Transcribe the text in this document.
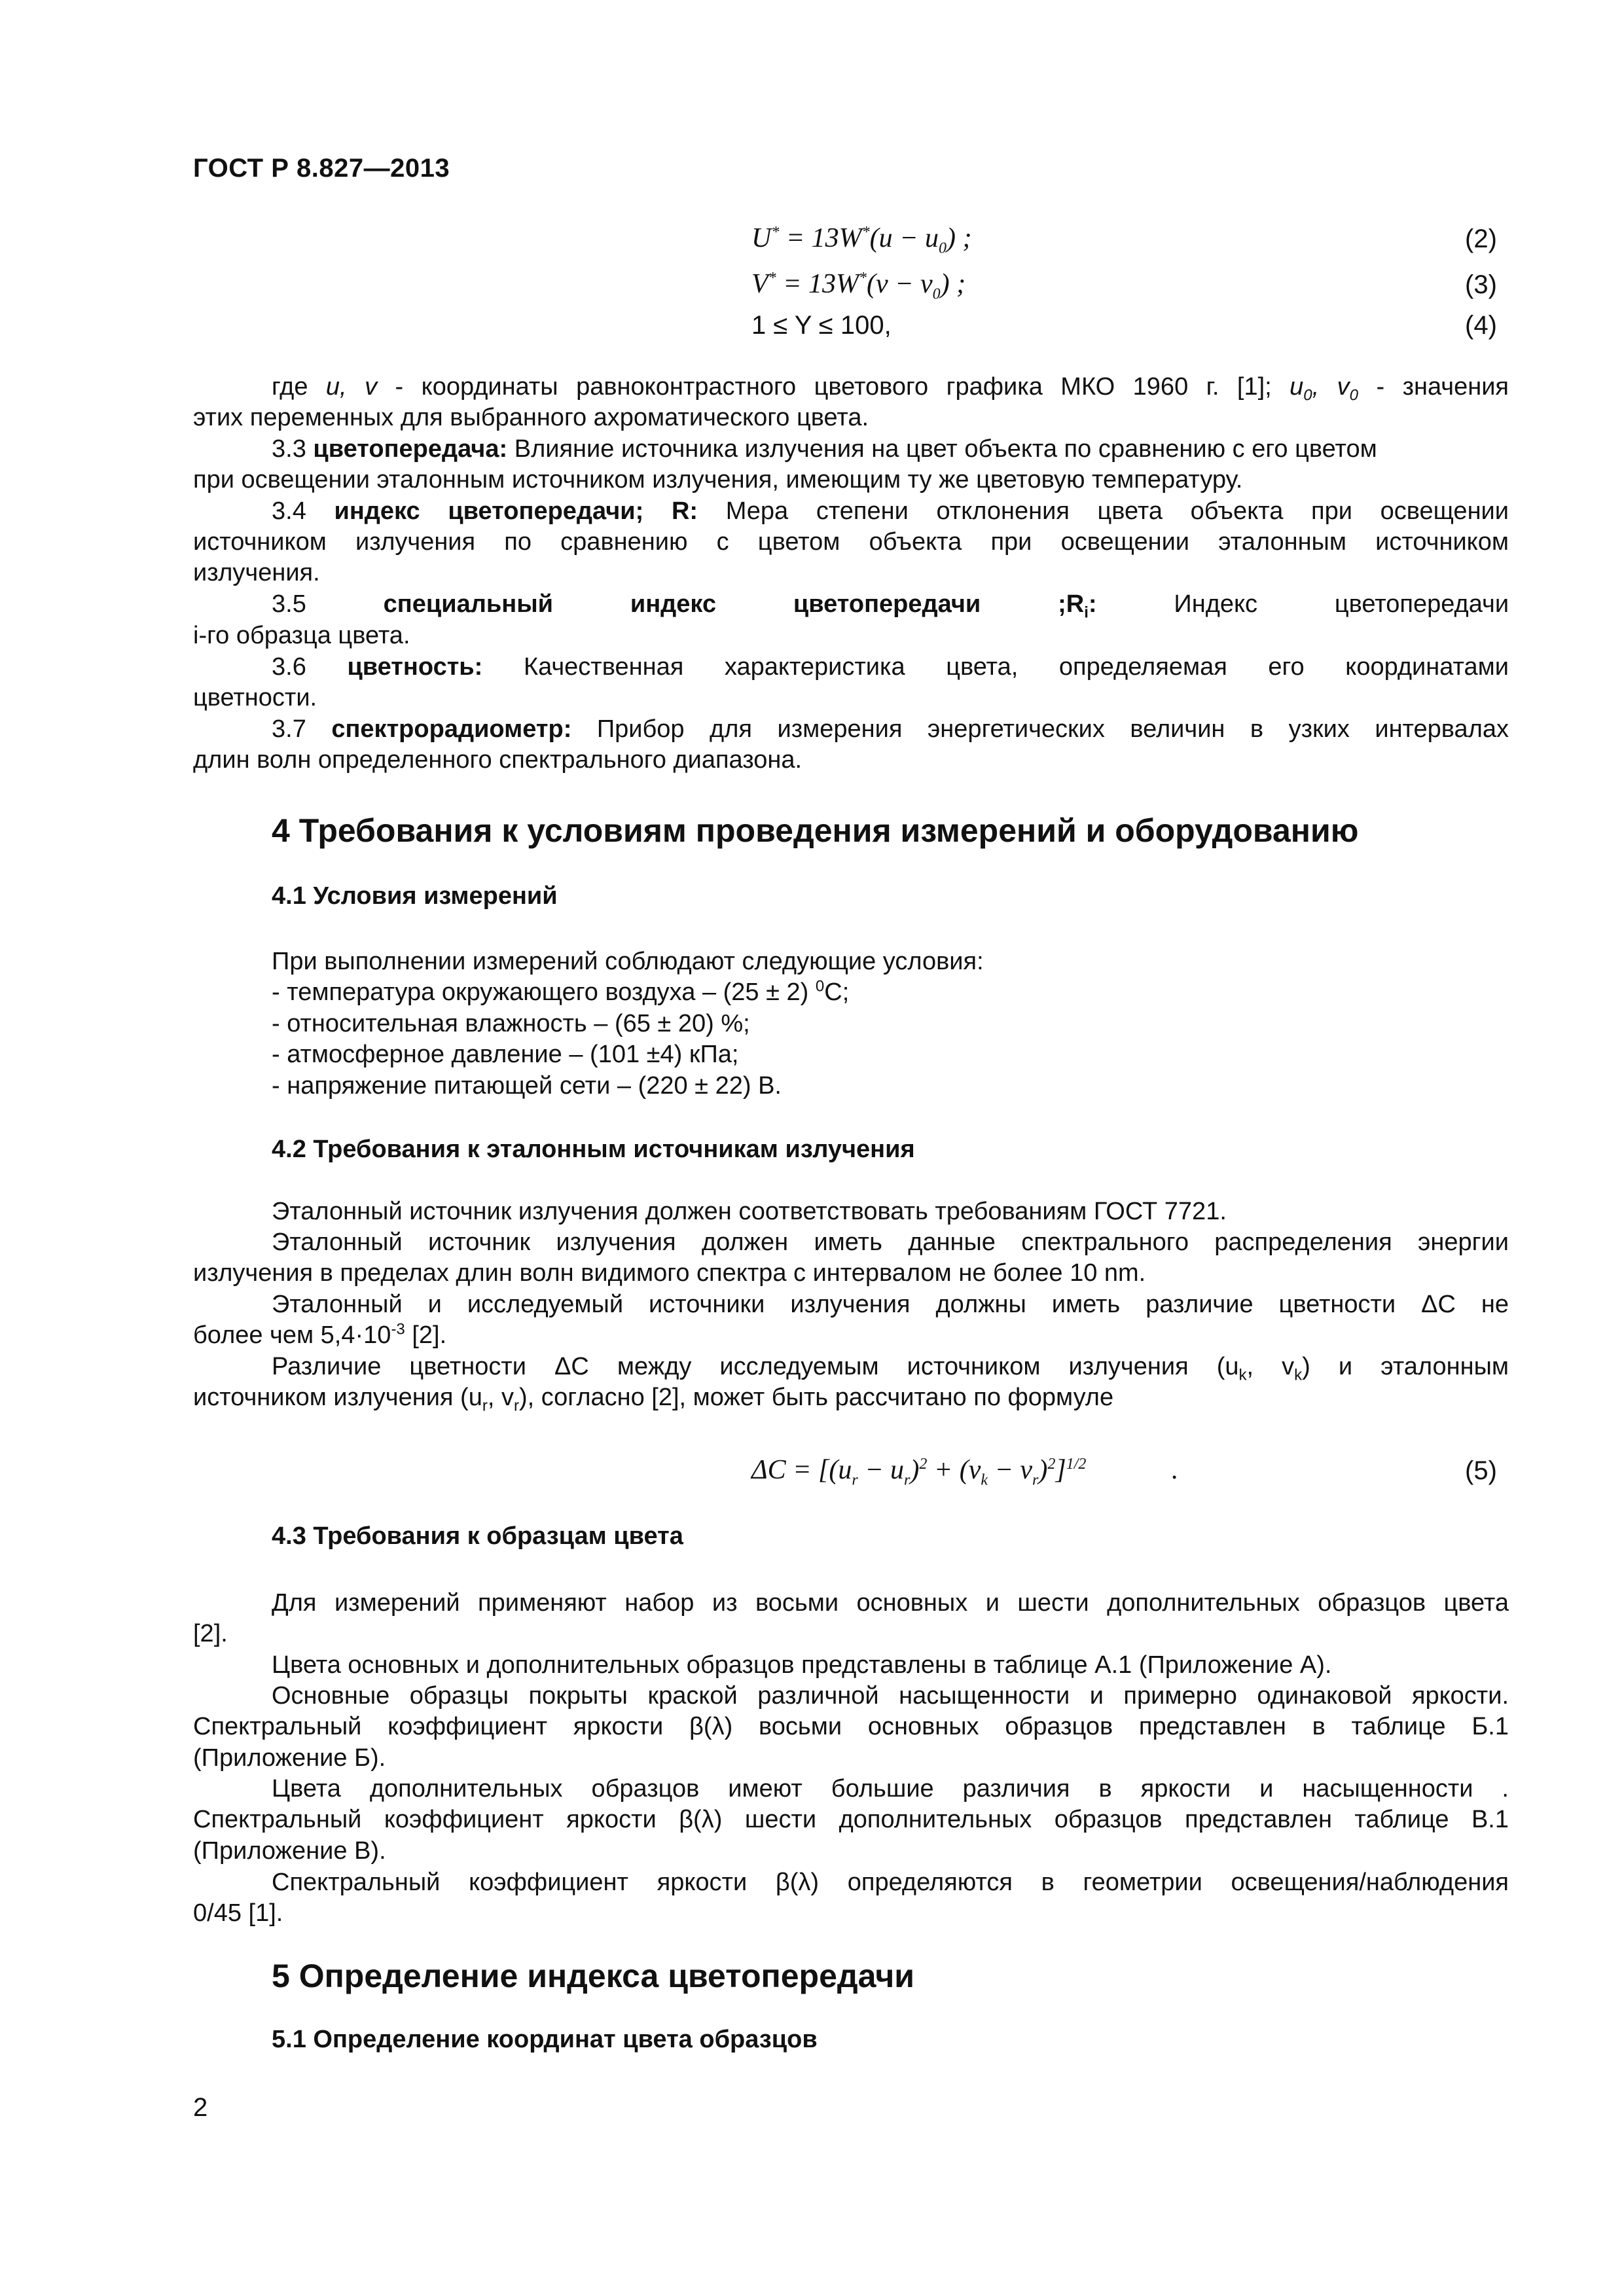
ГОСТ Р 8.827—2013
$U^* = 13W^*(u - u_0)$ ;	(2)
$V^* = 13W^*(v - v_0)$ ;	(3)
1 ≤ Y ≤ 100,	(4)
где u, v - координаты равноконтрастного цветового графика МКО 1960 г. [1]; $u_0$, $v_0$ - значения
этих переменных для выбранного ахроматического цвета.
3.3 цветопередача: Влияние источника излучения на цвет объекта по сравнению с его цветом
при освещении эталонным источником излучения, имеющим ту же цветовую температуру.
3.4 индекс цветопередачи; R: Мера степени отклонения цвета объекта при освещении
источником излучения по сравнению с цветом объекта при освещении эталонным источником
излучения.
3.5	специальный	индекс	цветопередачи	$;R_i$:	Индекс	цветопередачи
i-го образца цвета.
3.6 цветность: Качественная характеристика цвета, определяемая его координатами
цветности.
3.7 спектрорадиометр: Прибор для измерения энергетических величин в узких интервалах
длин волн определенного спектрального диапазона.
4 Требования к условиям проведения измерений и оборудованию
4.1 Условия измерений
При выполнении измерений соблюдают следующие условия:
- температура окружающего воздуха – (25 ± 2) $^0$С;
- относительная влажность – (65 ± 20) %;
- атмосферное давление – (101 ±4) кПа;
- напряжение питающей сети – (220 ± 22) В.
4.2 Требования к эталонным источникам излучения
Эталонный источник излучения должен соответствовать требованиям ГОСТ 7721.
Эталонный источник излучения должен иметь данные спектрального распределения энергии
излучения в пределах длин волн видимого спектра с интервалом не более 10 nm.
Эталонный и исследуемый источники излучения должны иметь различие цветности ΔC не
более чем $5,4\cdot 10^{-3}$ [2].
Различие цветности ΔC между исследуемым источником излучения ($u_k$, $v_k$) и эталонным
источником излучения ($u_r$, $v_r$), согласно [2], может быть рассчитано по формуле
$\Delta C = [(u_r - u_r)^2 + (v_k - v_r)^2]^{1/2}$	.	(5)
4.3 Требования к образцам цвета
Для измерений применяют набор из восьми основных и шести дополнительных образцов цвета
[2].
Цвета основных и дополнительных образцов представлены в таблице А.1 (Приложение А).
Основные образцы покрыты краской различной насыщенности и примерно одинаковой яркости.
Спектральный коэффициент яркости β(λ) восьми основных образцов представлен в таблице Б.1
(Приложение Б).
Цвета дополнительных образцов имеют большие различия в яркости и насыщенности .
Спектральный коэффициент яркости β(λ) шести дополнительных образцов представлен таблице В.1
(Приложение В).
Спектральный коэффициент яркости β(λ) определяются в геометрии освещения/наблюдения
0/45 [1].
5 Определение индекса цветопередачи
5.1 Определение координат цвета образцов
2
